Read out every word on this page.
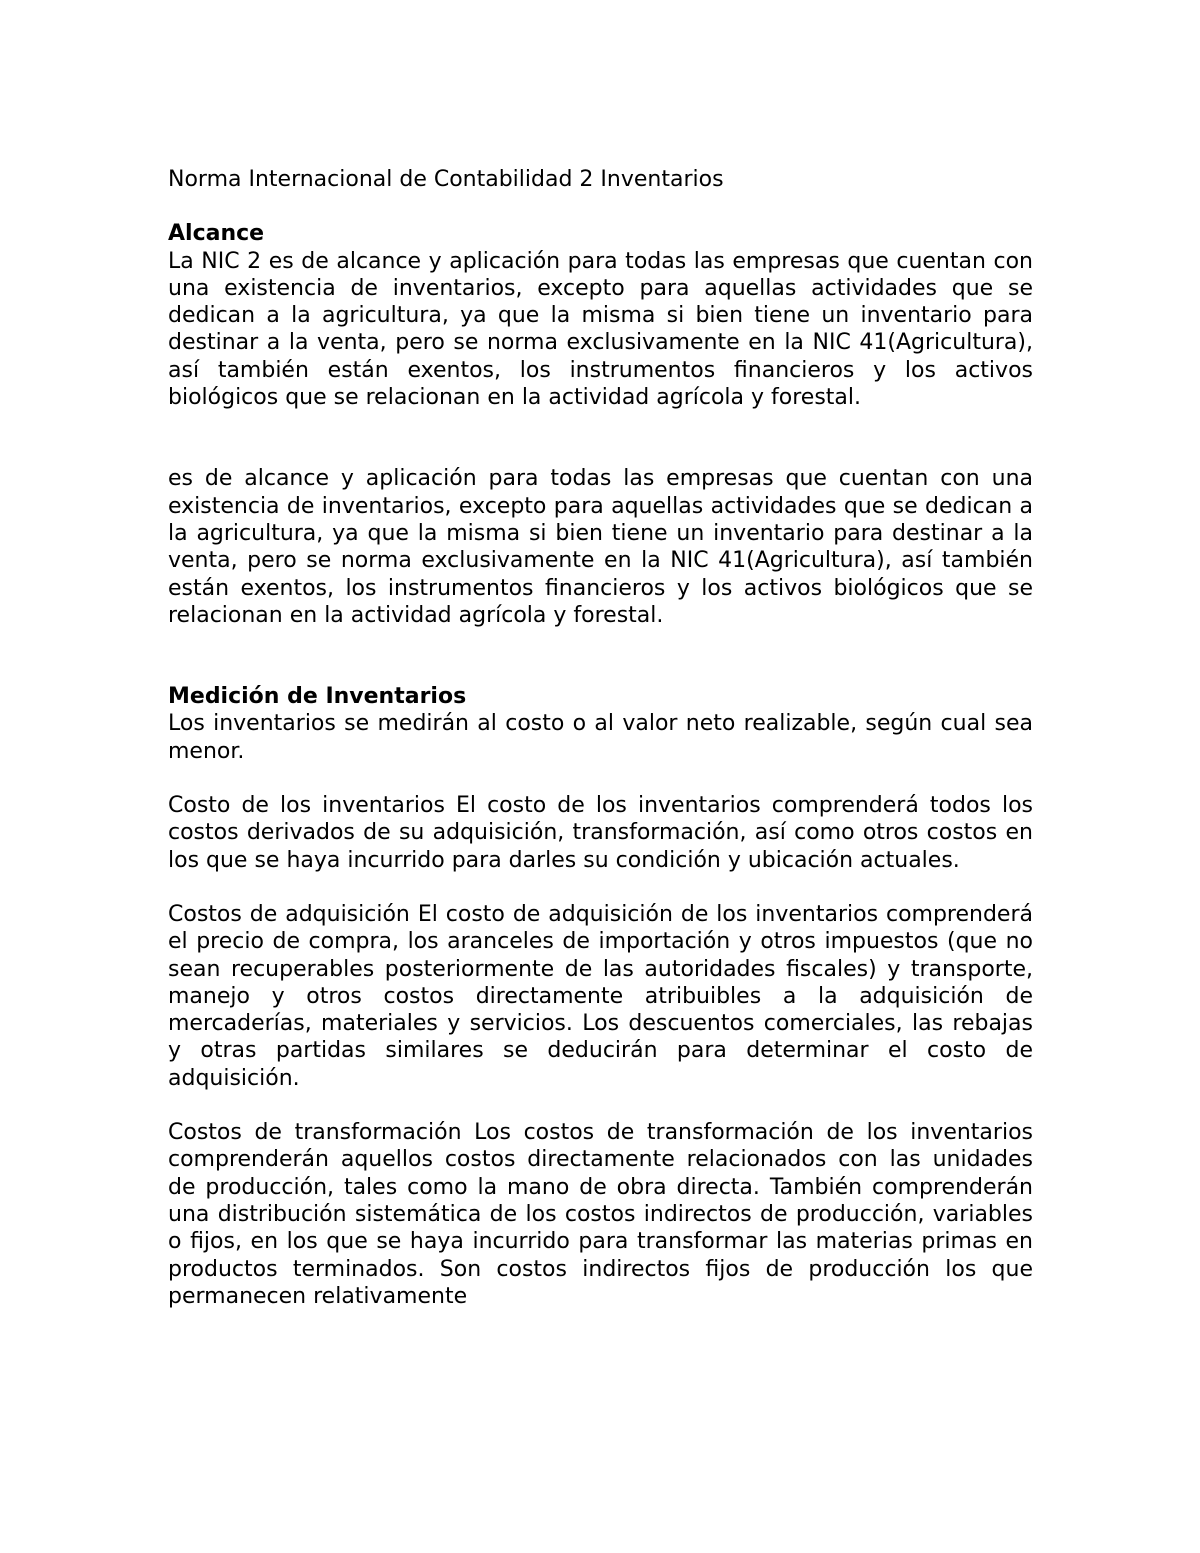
Norma Internacional de Contabilidad 2 Inventarios

Alcance

La NIC 2 es de alcance y aplicación para todas las empresas que cuentan con una existencia de inventarios, excepto para aquellas actividades que se dedican a la agricultura, ya que la misma si bien tiene un inventario para destinar a la venta, pero se norma exclusivamente en la NIC 41(Agricultura), así también están exentos, los instrumentos financieros y los activos biológicos que se relacionan en la actividad agrícola y forestal.

es de alcance y aplicación para todas las empresas que cuentan con una existencia de inventarios, excepto para aquellas actividades que se dedican a la agricultura, ya que la misma si bien tiene un inventario para destinar a la venta, pero se norma exclusivamente en la NIC 41(Agricultura), así también están exentos, los instrumentos financieros y los activos biológicos que se relacionan en la actividad agrícola y forestal.

Medición de Inventarios

Los inventarios se medirán al costo o al valor neto realizable, según cual sea menor.

Costo de los inventarios El costo de los inventarios comprenderá todos los costos derivados de su adquisición, transformación, así como otros costos en los que se haya incurrido para darles su condición y ubicación actuales.

Costos de adquisición El costo de adquisición de los inventarios comprenderá el precio de compra, los aranceles de importación y otros impuestos (que no sean recuperables posteriormente de las autoridades fiscales) y transporte, manejo y otros costos directamente atribuibles a la adquisición de mercaderías, materiales y servicios. Los descuentos comerciales, las rebajas y otras partidas similares se deducirán para determinar el costo de adquisición.

Costos de transformación Los costos de transformación de los inventarios comprenderán aquellos costos directamente relacionados con las unidades de producción, tales como la mano de obra directa. También comprenderán una distribución sistemática de los costos indirectos de producción, variables o fijos, en los que se haya incurrido para transformar las materias primas en productos terminados. Son costos indirectos fijos de producción los que permanecen relativamente
